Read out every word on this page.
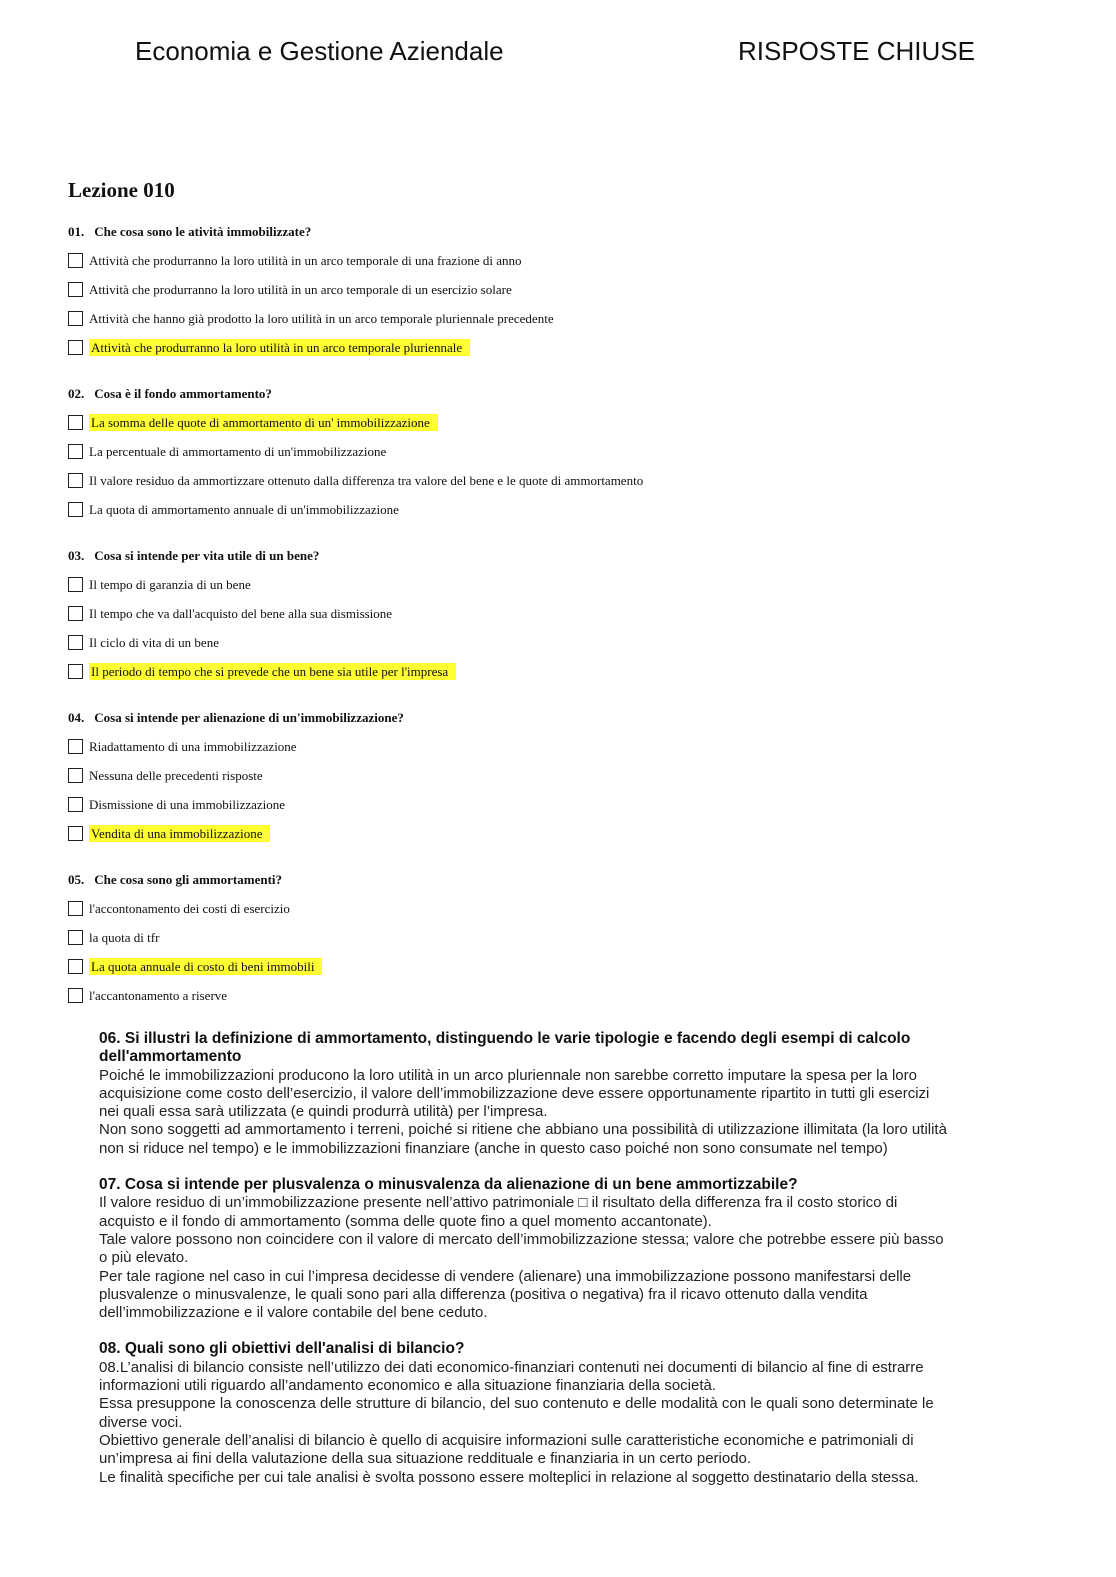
Economia e Gestione Aziendale	RISPOSTE CHIUSE
Lezione 010
01. Che cosa sono le atività immobilizzate?
Attività che produrranno la loro utilità in un arco temporale di una frazione di anno
Attività che produrranno la loro utilità in un arco temporale di un esercizio solare
Attività che hanno già prodotto la loro utilità in un arco temporale pluriennale precedente
Attività che produrranno la loro utilità in un arco temporale pluriennale
02. Cosa è il fondo ammortamento?
La somma delle quote di ammortamento di un' immobilizzazione
La percentuale di ammortamento di un'immobilizzazione
Il valore residuo da ammortizzare ottenuto dalla differenza tra valore del bene e le quote di ammortamento
La quota di ammortamento annuale di un'immobilizzazione
03. Cosa si intende per vita utile di un bene?
Il tempo di garanzia di un bene
Il tempo che va dall'acquisto del bene alla sua dismissione
Il ciclo di vita di un bene
Il periodo di tempo che si prevede che un bene sia utile per l'impresa
04. Cosa si intende per alienazione di un'immobilizzazione?
Riadattamento di una immobilizzazione
Nessuna delle precedenti risposte
Dismissione di una immobilizzazione
Vendita di una immobilizzazione
05. Che cosa sono gli ammortamenti?
l'accontonamento dei costi di esercizio
la quota di tfr
La quota annuale di costo di beni immobili
l'accantonamento a riserve
06. Si illustri la definizione di ammortamento, distinguendo le varie tipologie e facendo degli esempi di calcolo dell'ammortamento

Poiché le immobilizzazioni producono la loro utilità in un arco pluriennale non sarebbe corretto imputare la spesa per la loro acquisizione come costo dell’esercizio, il valore dell’immobilizzazione deve essere opportunamente ripartito in tutti gli esercizi nei quali essa sarà utilizzata (e quindi produrrà utilità) per l’impresa.

Non sono soggetti ad ammortamento i terreni, poiché si ritiene che abbiano una possibilità di utilizzazione illimitata (la loro utilità non si riduce nel tempo) e le immobilizzazioni finanziare (anche in questo caso poiché non sono consumate nel tempo)

07. Cosa si intende per plusvalenza o minusvalenza da alienazione di un bene ammortizzabile?

Il valore residuo di un’immobilizzazione presente nell’attivo patrimoniale □ il risultato della differenza fra il costo storico di acquisto e il fondo di ammortamento (somma delle quote fino a quel momento accantonate).

Tale valore possono non coincidere con il valore di mercato dell’immobilizzazione stessa; valore che potrebbe essere più basso o più elevato.

Per tale ragione nel caso in cui l’impresa decidesse di vendere (alienare) una immobilizzazione possono manifestarsi delle plusvalenze o minusvalenze, le quali sono pari alla differenza (positiva o negativa) fra il ricavo ottenuto dalla vendita dell’immobilizzazione e il valore contabile del bene ceduto.

08. Quali sono gli obiettivi dell'analisi di bilancio?

08.L’analisi di bilancio consiste nell’utilizzo dei dati economico-finanziari contenuti nei documenti di bilancio al fine di estrarre informazioni utili riguardo all’andamento economico e alla situazione finanziaria della società.

Essa presuppone la conoscenza delle strutture di bilancio, del suo contenuto e delle modalità con le quali sono determinate le diverse voci.

Obiettivo generale dell’analisi di bilancio è quello di acquisire informazioni sulle caratteristiche economiche e patrimoniali di un’impresa ai fini della valutazione della sua situazione reddituale e finanziaria in un certo periodo.

Le finalità specifiche per cui tale analisi è svolta possono essere molteplici in relazione al soggetto destinatario della stessa.
